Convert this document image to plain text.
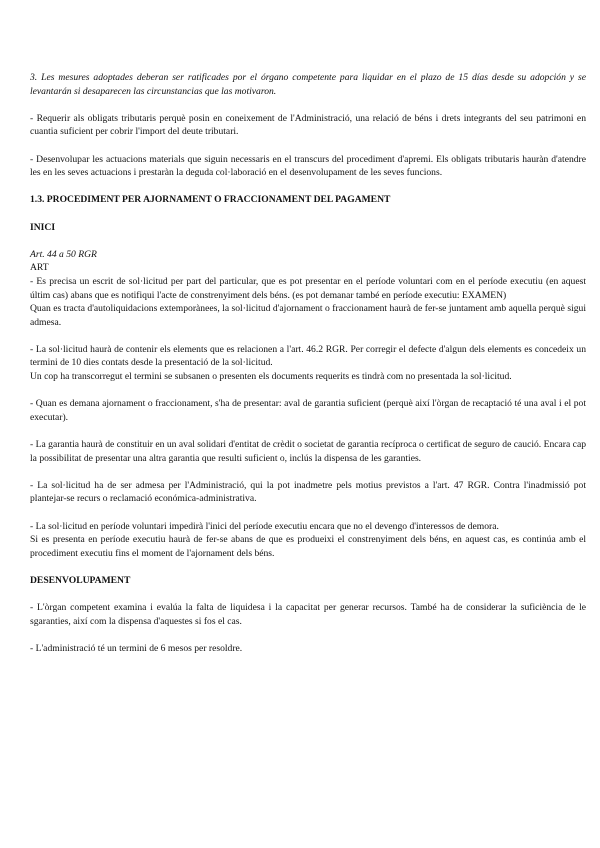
3. Les mesures adoptades deberan ser ratificades por el órgano competente para liquidar en el plazo de 15 días desde su adopción y se levantarán si desaparecen las circunstancias que las motivaron.

- Requerir als obligats tributaris perquè posin en coneixement de l'Administració, una relació de béns i drets integrants del seu patrimoni en cuantia suficient per cobrir l'import del deute tributari.

- Desenvolupar les actuacions materials que siguin necessaris en el transcurs del procediment d'apremi. Els obligats tributaris hauràn d'atendre les en les seves actuacions i prestaràn la deguda col·laboració en el desenvolupament de les seves funcions.

1.3. PROCEDIMENT PER AJORNAMENT O FRACCIONAMENT DEL PAGAMENT

INICI

Art. 44 a 50 RGR

ART

- Es precisa un escrit de sol·licitud per part del particular, que es pot presentar en el període voluntari com en el període executiu (en aquest últim cas) abans que es notifiqui l'acte de constrenyiment dels béns. (es pot demanar també en període executiu: EXAMEN)

Quan es tracta d'autoliquidacions extemporànees, la sol·licitud d'ajornament o fraccionament haurà de fer-se juntament amb aquella perquè sigui admesa.

- La sol·licitud haurà de contenir els elements que es relacionen a l'art. 46.2 RGR. Per corregir el defecte d'algun dels elements es concedeix un termini de 10 dies contats desde la presentació de la sol·licitud.

Un cop ha transcorregut el termini se subsanen o presenten els documents requerits es tindrà com no presentada la sol·licitud.

- Quan es demana ajornament o fraccionament, s'ha de presentar: aval de garantia suficient (perquè així l'òrgan de recaptació té una aval i el pot executar).

- La garantia haurà de constituir en un aval solidari d'entitat de crèdit o societat de garantia recíproca o certificat de seguro de caució. Encara cap la possibilitat de presentar una altra garantia que resulti suficient o, inclús la dispensa de les garanties.

- La sol·licitud ha de ser admesa per l'Administració, qui la pot inadmetre pels motius previstos a l'art. 47 RGR. Contra l'inadmissió pot plantejar-se recurs o reclamació económica-administrativa.

- La sol·licitud en període voluntari impedirà l'inici del període executiu encara que no el devengo d'interessos de demora.

Si es presenta en període executiu haurà de fer-se abans de que es produeixi el constrenyiment dels béns, en aquest cas, es continúa amb el procediment executiu fins el moment de l'ajornament dels béns.

DESENVOLUPAMENT

- L'òrgan competent examina i evalúa la falta de liquidesa i la capacitat per generar recursos. També ha de considerar la suficiència de le sgaranties, així com la dispensa d'aquestes si fos el cas.

- L'administració té un termini de 6 mesos per resoldre.
